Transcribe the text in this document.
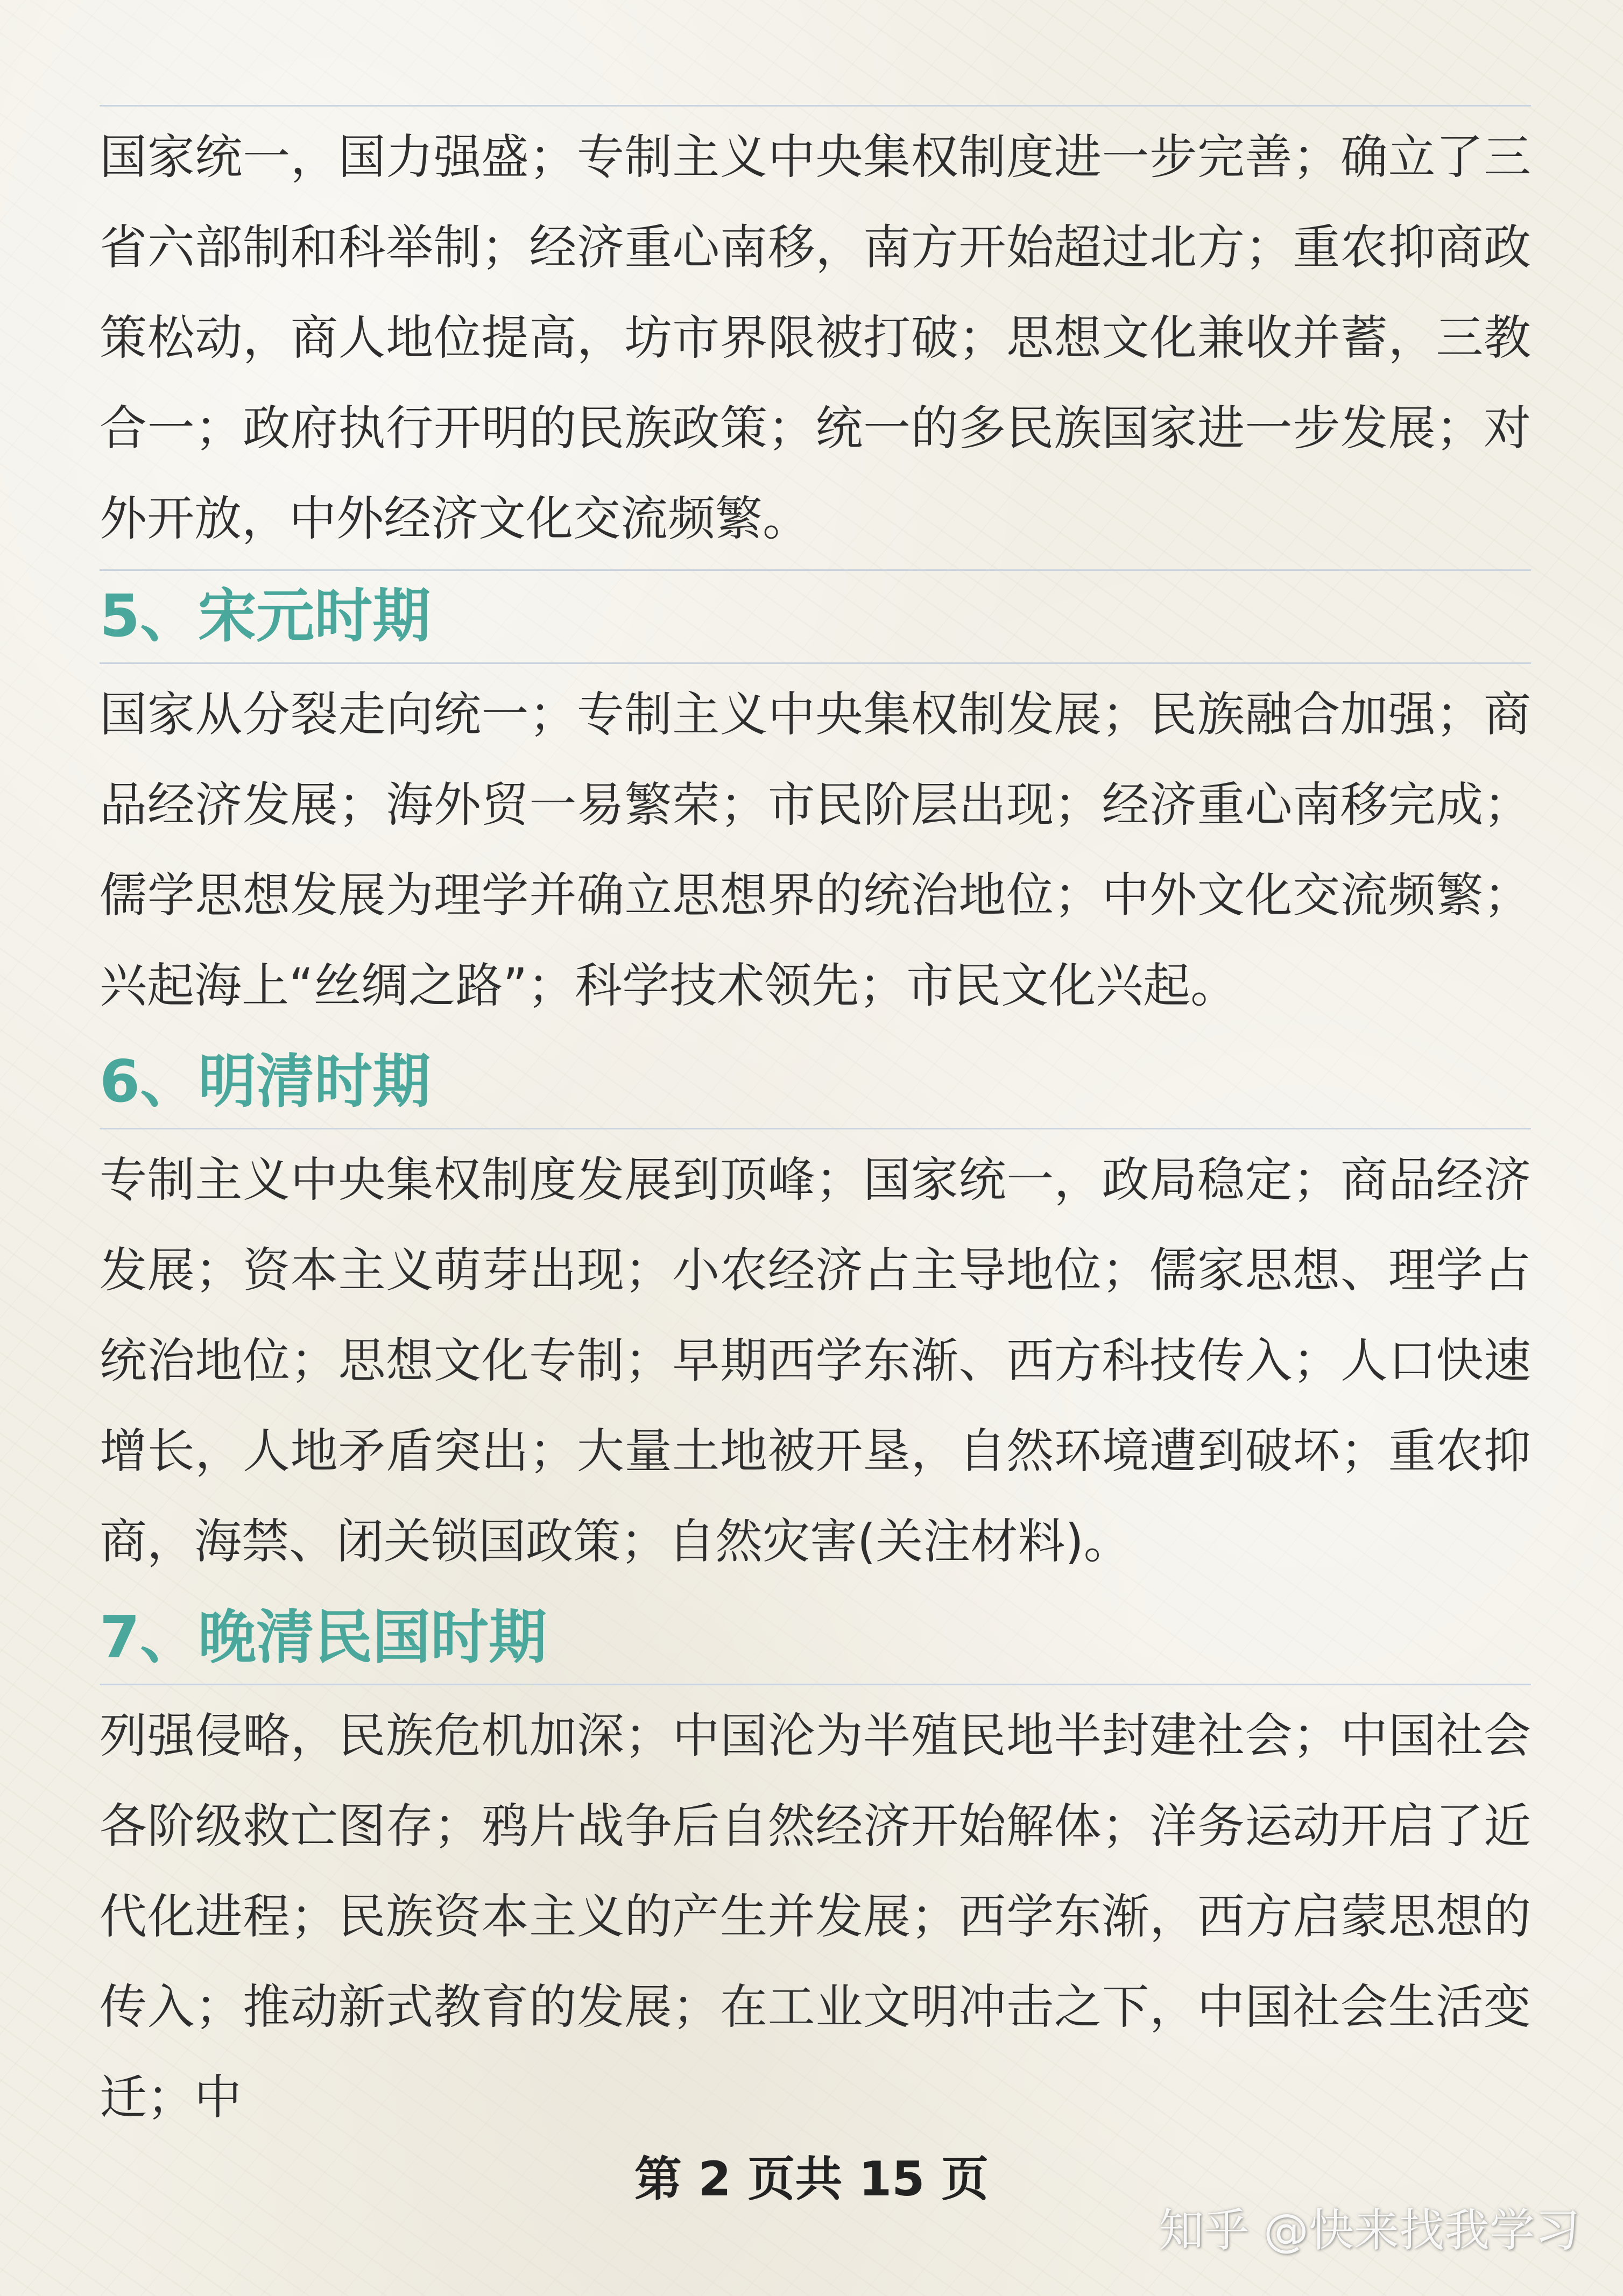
国家统一，国力强盛；专制主义中央集权制度进一步完善；确立了三省六部制和科举制；经济重心南移，南方开始超过北方；重农抑商政策松动，商人地位提高，坊市界限被打破；思想文化兼收并蓄，三教合一；政府执行开明的民族政策；统一的多民族国家进一步发展；对外开放，中外经济文化交流频繁。

5、宋元时期

国家从分裂走向统一；专制主义中央集权制发展；民族融合加强；商品经济发展；海外贸一易繁荣；市民阶层出现；经济重心南移完成；儒学思想发展为理学并确立思想界的统治地位；中外文化交流频繁；兴起海上“丝绸之路”；科学技术领先；市民文化兴起。

6、明清时期

专制主义中央集权制度发展到顶峰；国家统一，政局稳定；商品经济发展；资本主义萌芽出现；小农经济占主导地位；儒家思想、理学占统治地位；思想文化专制；早期西学东渐、西方科技传入；人口快速增长，人地矛盾突出；大量土地被开垦，自然环境遭到破坏；重农抑商，海禁、闭关锁国政策；自然灾害(关注材料)。

7、晚清民国时期

列强侵略，民族危机加深；中国沦为半殖民地半封建社会；中国社会各阶级救亡图存；鸦片战争后自然经济开始解体；洋务运动开启了近代化进程；民族资本主义的产生并发展；西学东渐，西方启蒙思想的传入；推动新式教育的发展；在工业文明冲击之下，中国社会生活变迁；中

第 2 页共 15 页
知乎 @快来找我学习
